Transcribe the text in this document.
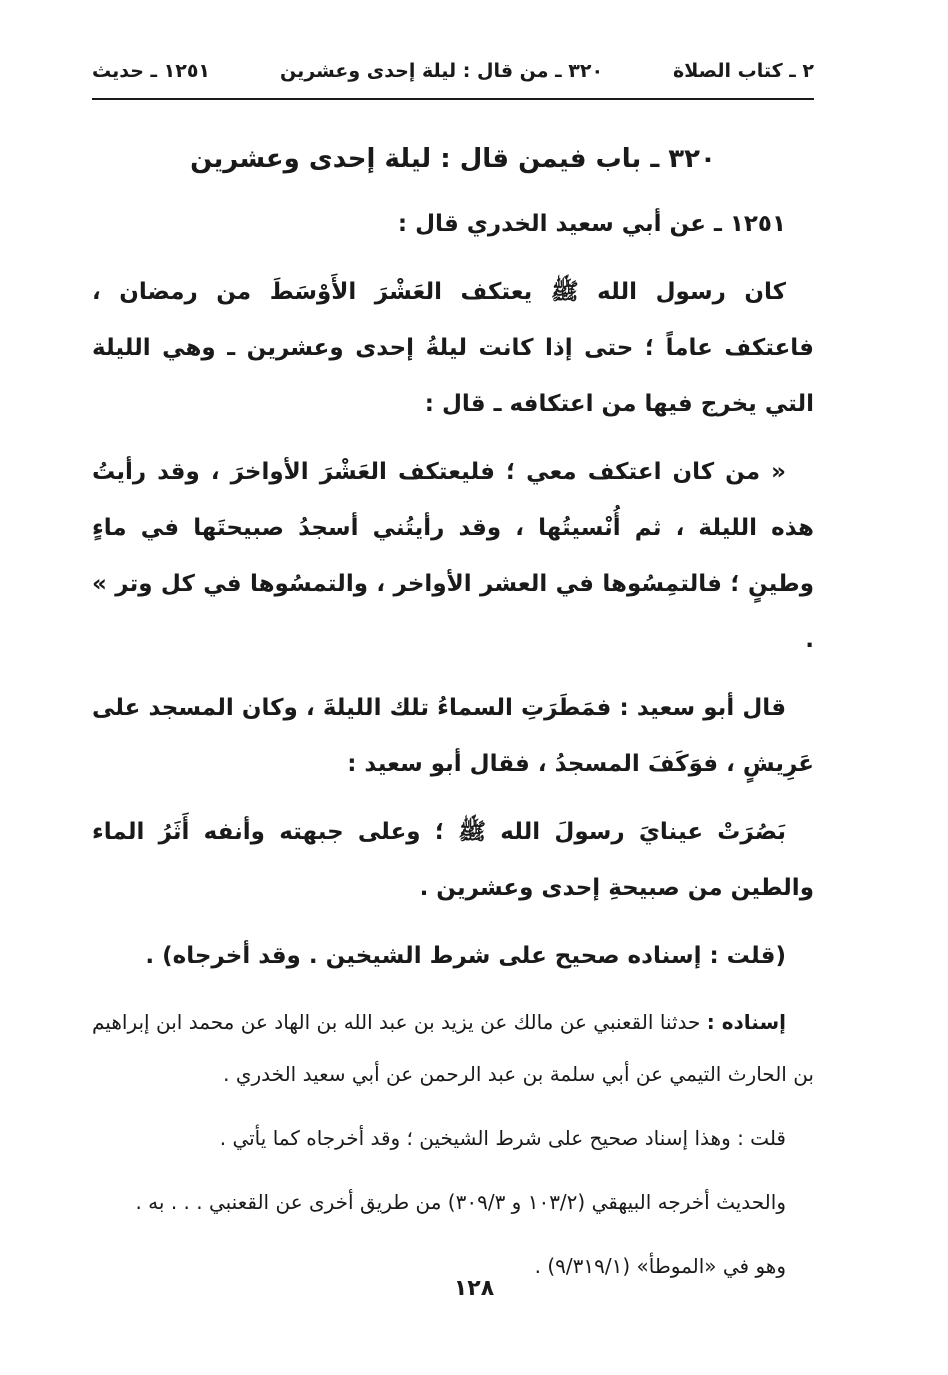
٢ ـ كتاب الصلاة
٣٢٠ ـ من قال : ليلة إحدى وعشرين
١٢٥١ ـ حديث
٣٢٠ ـ باب فيمن قال : ليلة إحدى وعشرين
١٢٥١ ـ عن أبي سعيد الخدري قال :
كان رسول الله ﷺ يعتكف العَشْرَ الأَوْسَطَ من رمضان ، فاعتكف عاماً ؛ حتى إذا كانت ليلةُ إحدى وعشرين ـ وهي الليلة التي يخرج فيها من اعتكافه ـ قال :
« من كان اعتكف معي ؛ فليعتكف العَشْرَ الأواخرَ ، وقد رأيتُ هذه الليلة ، ثم أُنْسيتُها ، وقد رأيتُني أسجدُ صبيحتَها في ماءٍ وطينٍ ؛ فالتمِسُوها في العشر الأواخر ، والتمسُوها في كل وتر » .
قال أبو سعيد : فمَطَرَتِ السماءُ تلك الليلةَ ، وكان المسجد على عَرِيشٍ ، فوَكَفَ المسجدُ ، فقال أبو سعيد :
بَصُرَتْ عينايَ رسولَ الله ﷺ ؛ وعلى جبهته وأنفه أَثَرُ الماء والطين من صبيحةِ إحدى وعشرين .
(قلت : إسناده صحيح على شرط الشيخين . وقد أخرجاه) .
إسناده : حدثنا القعنبي عن مالك عن يزيد بن عبد الله بن الهاد عن محمد ابن إبراهيم بن الحارث التيمي عن أبي سلمة بن عبد الرحمن عن أبي سعيد الخدري .
قلت : وهذا إسناد صحيح على شرط الشيخين ؛ وقد أخرجاه كما يأتي .
والحديث أخرجه البيهقي (١٠٣/٢ و ٣٠٩/٣) من طريق أخرى عن القعنبي . . . به .
وهو في «الموطأ» (٩/٣١٩/١) .
١٢٨
